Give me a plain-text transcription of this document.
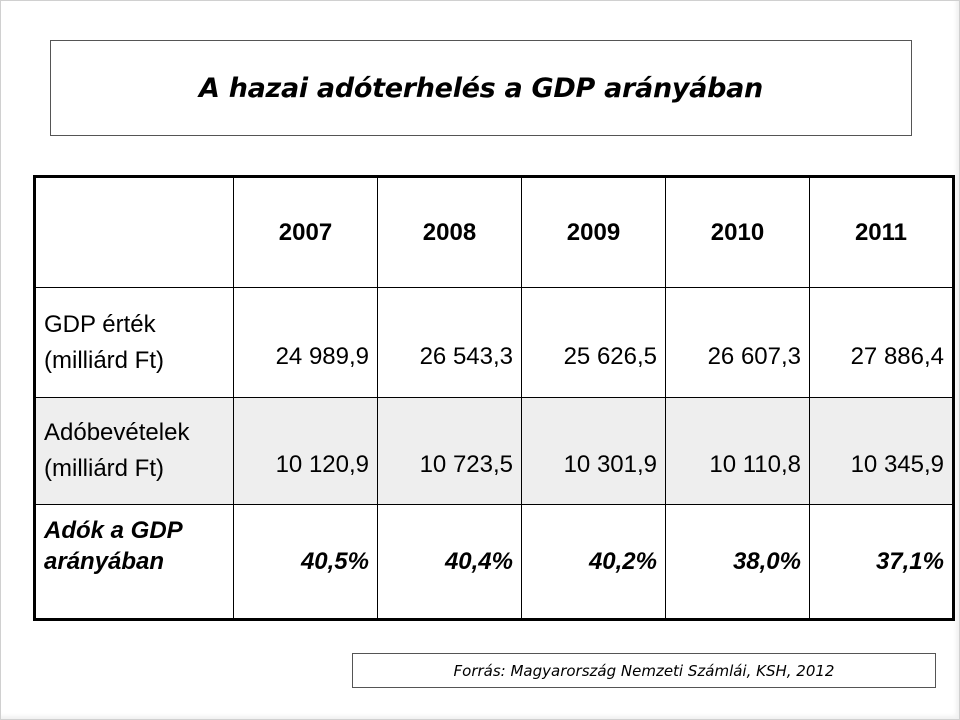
A hazai adóterhelés a GDP arányában
	2007	2008	2009	2010	2011

GDP érték
(milliárd Ft)	24 989,9	26 543,3	25 626,5	26 607,3	27 886,4

Adóbevételek
(milliárd Ft)	10 120,9	10 723,5	10 301,9	10 110,8	10 345,9

Adók a GDP
arányában	40,5%	40,4%	40,2%	38,0%	37,1%
Forrás: Magyarország Nemzeti Számlái, KSH, 2012
